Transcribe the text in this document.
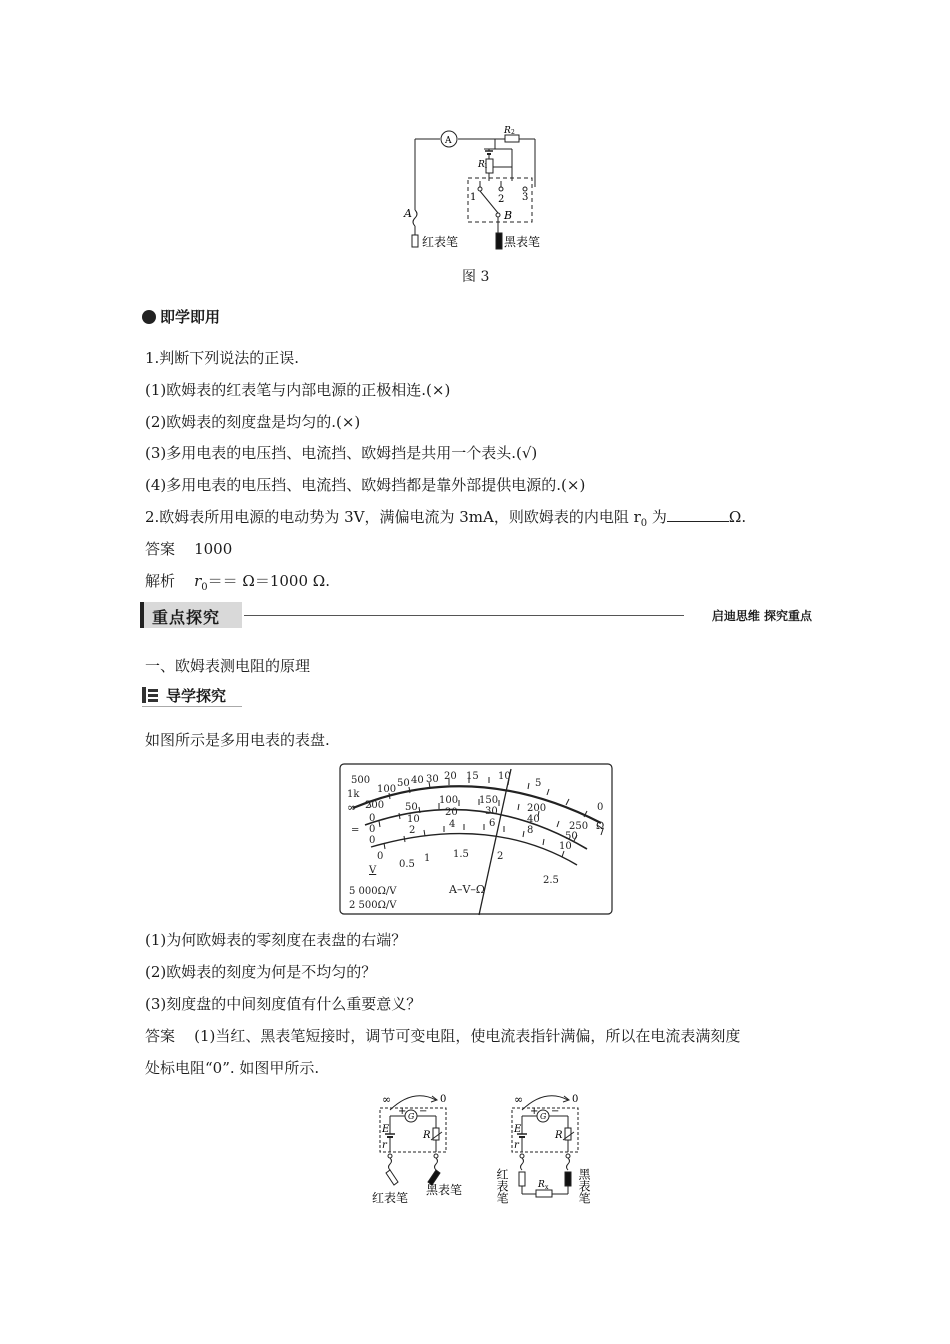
A	B
A
R 2
R 1
1 2 3
红表笔	黑表笔
图 3
即学即用
1.判断下列说法的正误.
(1)欧姆表的红表笔与内部电源的正极相连.(×)
(2)欧姆表的刻度盘是均匀的.(×)
(3)多用电表的电压挡、电流挡、欧姆挡是共用一个表头.(√)
(4)多用电表的电压挡、电流挡、欧姆挡都是靠外部提供电源的.(×)
2.欧姆表所用电源的电动势为 3V，满偏电流为 3mA，则欧姆表的内电阻 $r_0$ 为	Ω.
答案 1000
解析 $r_0== \Omega=1000$ Ω.
重点探究	启迪思维 探究重点
一、欧姆表测电阻的原理
导学探究
如图所示是多用电表的表盘.
500
1k
200
100
50 40 30 20 15 10
5
0
∞
Ω
0
50
100 150
200
250
0
10
20	30
40
50
0
2
4	6
8
10
0
0.5
1 1.5	2
2.5
V
=
5 000Ω/V
2 500Ω/V
A–V–Ω
(1)为何欧姆表的零刻度在表盘的右端？
(2)欧姆表的刻度为何是不均匀的？
(3)刻度盘的中间刻度值有什么重要意义？
答案 (1)当红、黑表笔短接时，调节可变电阻，使电流表指针满偏，所以在电流表满刻度
处标电阻“0”. 如图甲所示.
∞	0
G
+ −
E
r
R
红表笔
黑表笔
∞	0
G
+ −
E
r
R
R x
红表笔	黑表笔
